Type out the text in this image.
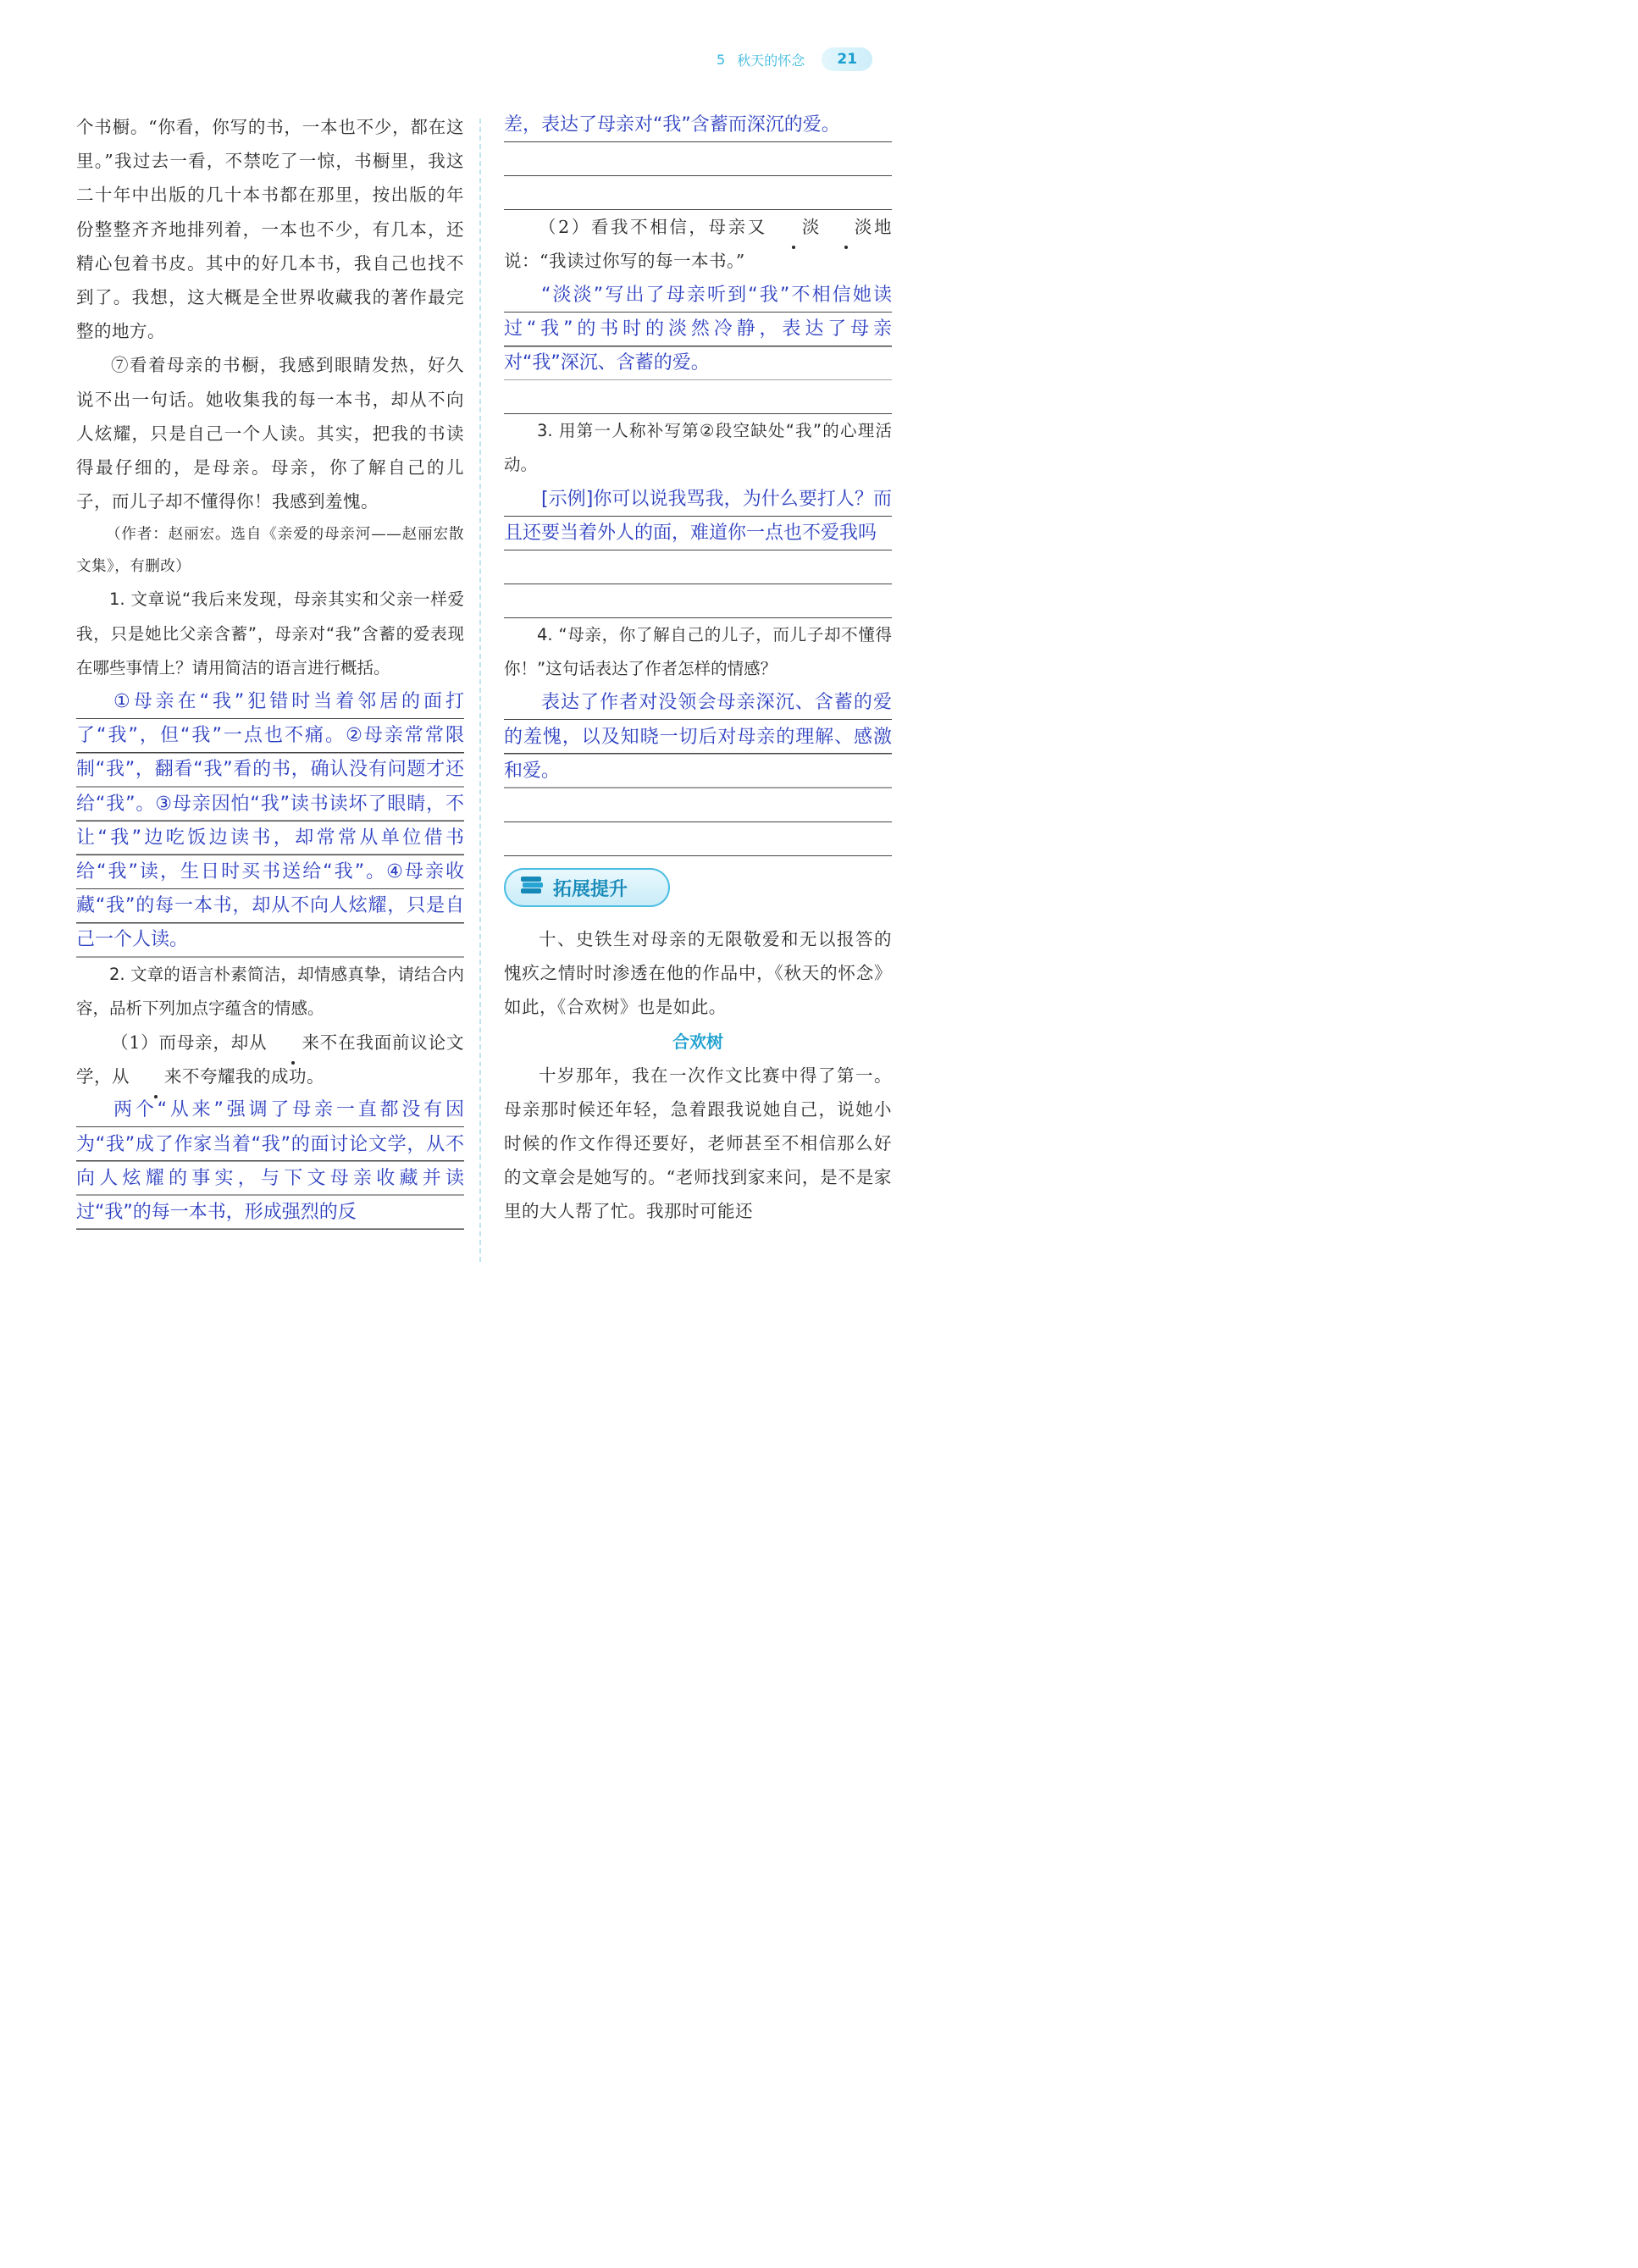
5 秋天的怀念	21

个书橱。“你看，你写的书，一本也不少，都在这里。”我过去一看，不禁吃了一惊，书橱里，我这二十年中出版的几十本书都在那里，按出版的年份整整齐齐地排列着，一本也不少，有几本，还精心包着书皮。其中的好几本书，我自己也找不到了。我想，这大概是全世界收藏我的著作最完整的地方。

⑦看着母亲的书橱，我感到眼睛发热，好久说不出一句话。她收集我的每一本书，却从不向人炫耀，只是自己一个人读。其实，把我的书读得最仔细的，是母亲。母亲，你了解自己的儿子，而儿子却不懂得你！我感到羞愧。

（作者：赵丽宏。选自《亲爱的母亲河——赵丽宏散文集》，有删改）

1. 文章说“我后来发现，母亲其实和父亲一样爱我，只是她比父亲含蓄”，母亲对“我”含蓄的爱表现在哪些事情上？请用简洁的语言进行概括。

①母亲在“我”犯错时当着邻居的面打了“我”，但“我”一点也不痛。②母亲常常限制“我”，翻看“我”看的书，确认没有问题才还给“我”。③母亲因怕“我”读书读坏了眼睛，不让“我”边吃饭边读书，却常常从单位借书给“我”读，生日时买书送给“我”。④母亲收藏“我”的每一本书，却从不向人炫耀，只是自己一个人读。

2. 文章的语言朴素简洁，却情感真挚，请结合内容，品析下列加点字蕴含的情感。

（1）而母亲，却从 来不在我面前议论文学，从 来不夸耀我的成功。

两个“从来”强调了母亲一直都没有因为“我”成了作家当着“我”的面讨论文学，从不向人炫耀的事实，与下文母亲收藏并读过“我”的每一本书，形成强烈的反

差，表达了母亲对“我”含蓄而深沉的爱。

（2）看我不相信，母亲又 淡 淡地说：“我读过你写的每一本书。”

“淡淡”写出了母亲听到“我”不相信她读过“我”的书时的淡然冷静，表达了母亲对“我”深沉、含蓄的爱。

3. 用第一人称补写第②段空缺处“我”的心理活动。

[示例]你可以说我骂我，为什么要打人？而且还要当着外人的面，难道你一点也不爱我吗

4. “母亲，你了解自己的儿子，而儿子却不懂得你！”这句话表达了作者怎样的情感？

表达了作者对没领会母亲深沉、含蓄的爱的羞愧，以及知晓一切后对母亲的理解、感激和爱。

拓展提升

十、史铁生对母亲的无限敬爱和无以报答的愧疚之情时时渗透在他的作品中，《秋天的怀念》如此，《合欢树》也是如此。

合欢树

十岁那年，我在一次作文比赛中得了第一。母亲那时候还年轻，急着跟我说她自己，说她小时候的作文作得还要好，老师甚至不相信那么好的文章会是她写的。“老师找到家来问，是不是家里的大人帮了忙。我那时可能还
